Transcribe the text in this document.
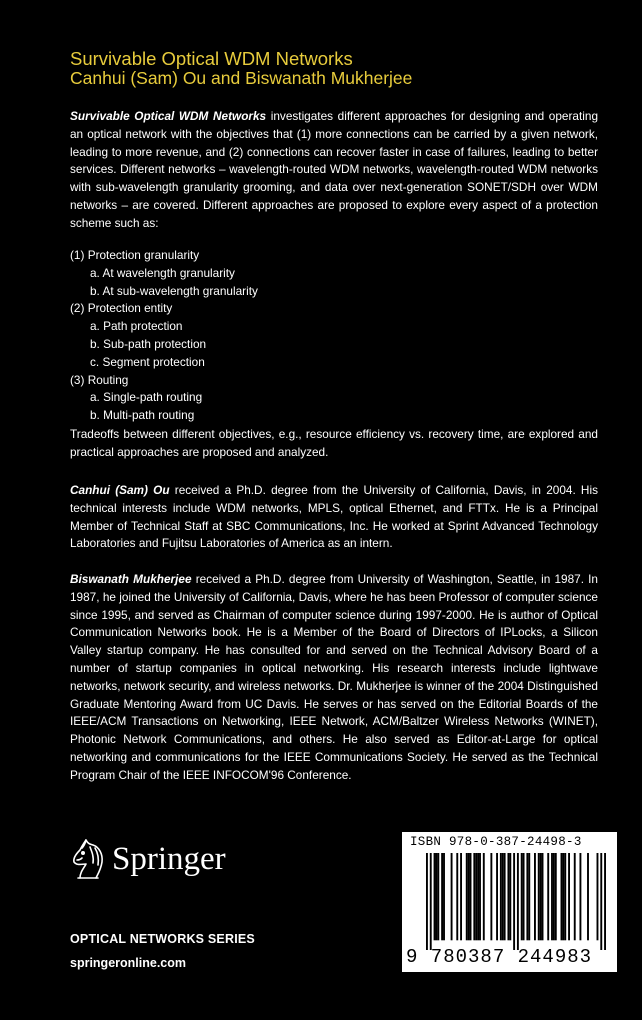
Survivable Optical WDM Networks
Canhui (Sam) Ou and Biswanath Mukherjee

Survivable Optical WDM Networks investigates different approaches for designing and operating an optical network with the objectives that (1) more connections can be carried by a given network, leading to more revenue, and (2) connections can recover faster in case of failures, leading to better services. Different networks – wavelength-routed WDM networks, wavelength-routed WDM networks with sub-wavelength granularity grooming, and data over next-generation SONET/SDH over WDM networks – are covered. Different approaches are proposed to explore every aspect of a protection scheme such as:

(1) Protection granularity
a. At wavelength granularity
b. At sub-wavelength granularity
(2) Protection entity
a. Path protection
b. Sub-path protection
c. Segment protection
(3) Routing
a. Single-path routing
b. Multi-path routing

Tradeoffs between different objectives, e.g., resource efficiency vs. recovery time, are explored and practical approaches are proposed and analyzed.

Canhui (Sam) Ou received a Ph.D. degree from the University of California, Davis, in 2004. His technical interests include WDM networks, MPLS, optical Ethernet, and FTTx. He is a Principal Member of Technical Staff at SBC Communications, Inc. He worked at Sprint Advanced Technology Laboratories and Fujitsu Laboratories of America as an intern.

Biswanath Mukherjee received a Ph.D. degree from University of Washington, Seattle, in 1987. In 1987, he joined the University of California, Davis, where he has been Professor of computer science since 1995, and served as Chairman of computer science during 1997-2000. He is author of Optical Communication Networks book. He is a Member of the Board of Directors of IPLocks, a Silicon Valley startup company. He has consulted for and served on the Technical Advisory Board of a number of startup companies in optical networking. His research interests include lightwave networks, network security, and wireless networks. Dr. Mukherjee is winner of the 2004 Distinguished Graduate Mentoring Award from UC Davis. He serves or has served on the Editorial Boards of the IEEE/ACM Transactions on Networking, IEEE Network, ACM/Baltzer Wireless Networks (WINET), Photonic Network Communications, and others. He also served as Editor-at-Large for optical networking and communications for the IEEE Communications Society. He served as the Technical Program Chair of the IEEE INFOCOM'96 Conference.

Springer
OPTICAL NETWORKS SERIES
springeronline.com
ISBN 978-0-387-24498-3
9 780387 244983
